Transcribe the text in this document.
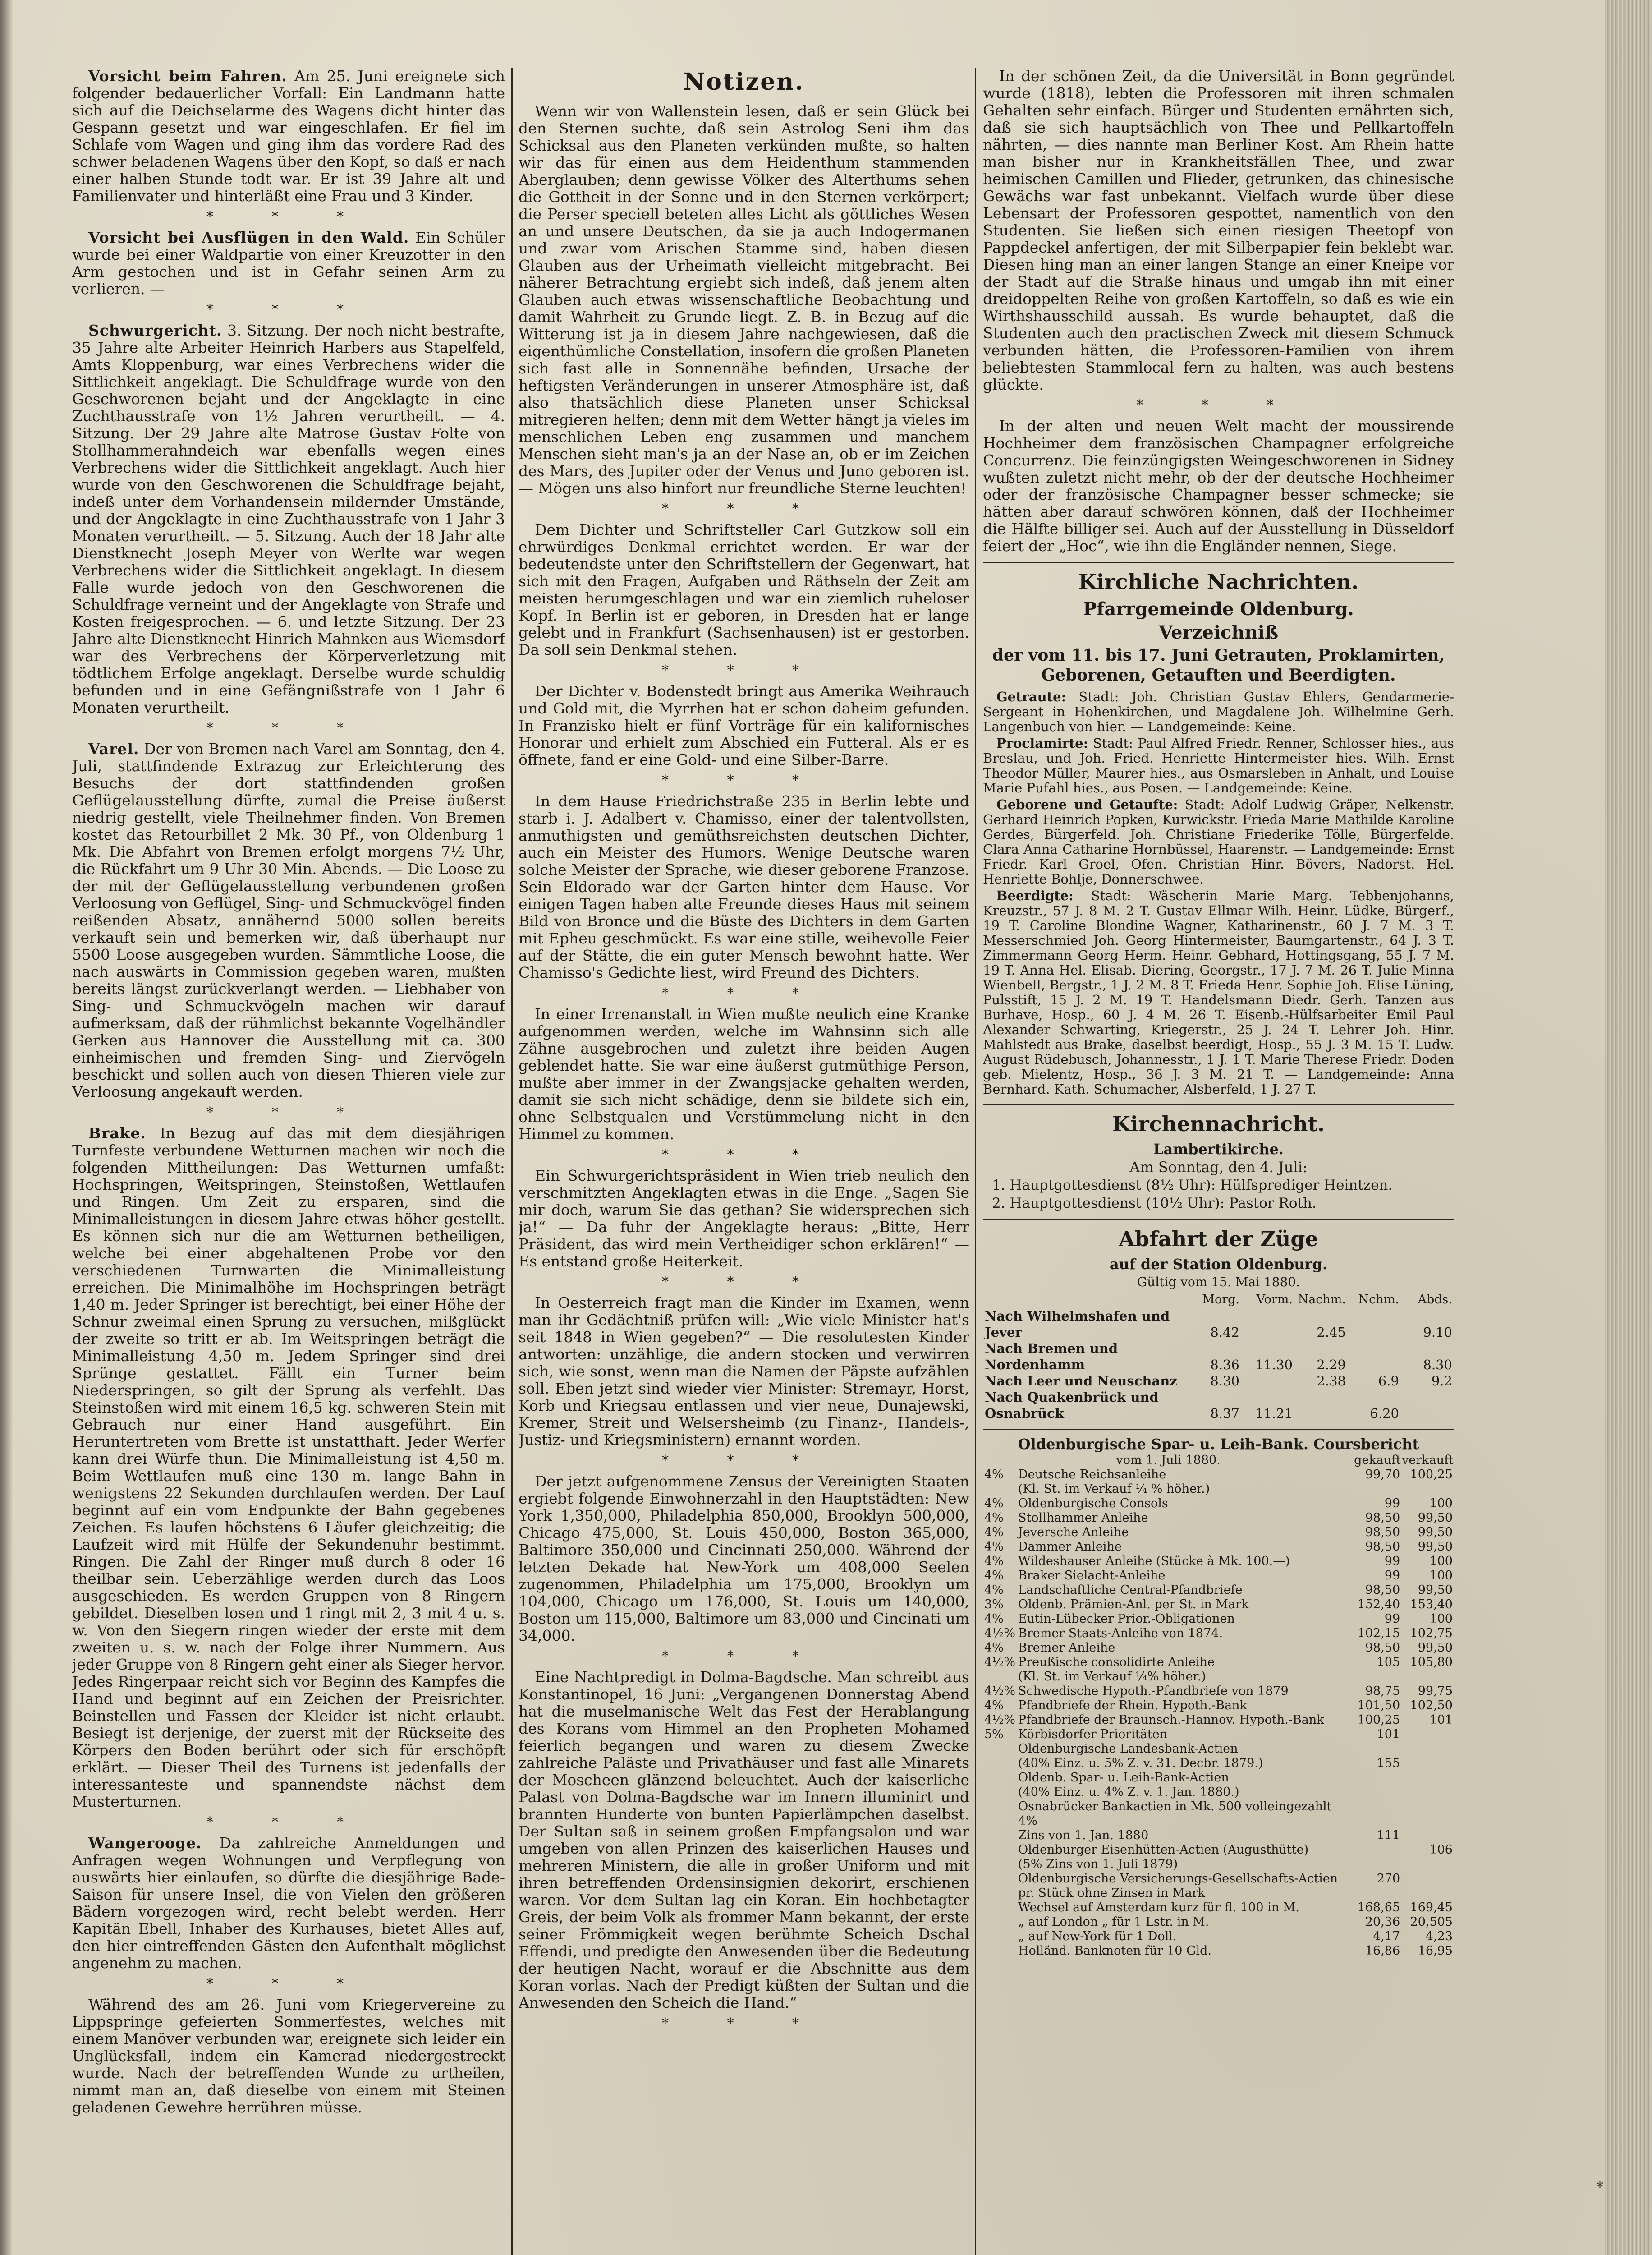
Vorsicht beim Fahren. Am 25. Juni ereignete sich folgender bedauerlicher Vorfall: Ein Landmann hatte sich auf die Deichselarme des Wagens dicht hinter das Gespann gesetzt und war eingeschlafen. Er fiel im Schlafe vom Wagen und ging ihm das vordere Rad des schwer beladenen Wagens über den Kopf, so daß er nach einer halben Stunde todt war. Er ist 39 Jahre alt und Familienvater und hinterläßt eine Frau und 3 Kinder.

* * *

Vorsicht bei Ausflügen in den Wald. Ein Schüler wurde bei einer Waldpartie von einer Kreuzotter in den Arm gestochen und ist in Gefahr seinen Arm zu verlieren. —

* * *

Schwurgericht. 3. Sitzung. Der noch nicht bestrafte, 35 Jahre alte Arbeiter Heinrich Harbers aus Stapelfeld, Amts Kloppenburg, war eines Verbrechens wider die Sittlichkeit angeklagt. Die Schuldfrage wurde von den Geschworenen bejaht und der Angeklagte in eine Zuchthausstrafe von 1½ Jahren verurtheilt. — 4. Sitzung. Der 29 Jahre alte Matrose Gustav Folte von Stollhammerahndeich war ebenfalls wegen eines Verbrechens wider die Sittlichkeit angeklagt. Auch hier wurde von den Geschworenen die Schuldfrage bejaht, indeß unter dem Vorhandensein mildernder Umstände, und der Angeklagte in eine Zuchthausstrafe von 1 Jahr 3 Monaten verurtheilt. — 5. Sitzung. Auch der 18 Jahr alte Dienstknecht Joseph Meyer von Werlte war wegen Verbrechens wider die Sittlichkeit angeklagt. In diesem Falle wurde jedoch von den Geschworenen die Schuldfrage verneint und der Angeklagte von Strafe und Kosten freigesprochen. — 6. und letzte Sitzung. Der 23 Jahre alte Dienstknecht Hinrich Mahnken aus Wiemsdorf war des Verbrechens der Körperverletzung mit tödtlichem Erfolge angeklagt. Derselbe wurde schuldig befunden und in eine Gefängnißstrafe von 1 Jahr 6 Monaten verurtheilt.

* * *

Varel. Der von Bremen nach Varel am Sonntag, den 4. Juli, stattfindende Extrazug zur Erleichterung des Besuchs der dort stattfindenden großen Geflügelausstellung dürfte, zumal die Preise äußerst niedrig gestellt, viele Theilnehmer finden. Von Bremen kostet das Retourbillet 2 Mk. 30 Pf., von Oldenburg 1 Mk. Die Abfahrt von Bremen erfolgt morgens 7½ Uhr, die Rückfahrt um 9 Uhr 30 Min. Abends. — Die Loose zu der mit der Geflügelausstellung verbundenen großen Verloosung von Geflügel, Sing- und Schmuckvögel finden reißenden Absatz, annähernd 5000 sollen bereits verkauft sein und bemerken wir, daß überhaupt nur 5500 Loose ausgegeben wurden. Sämmtliche Loose, die nach auswärts in Commission gegeben waren, mußten bereits längst zurückverlangt werden. — Liebhaber von Sing- und Schmuckvögeln machen wir darauf aufmerksam, daß der rühmlichst bekannte Vogelhändler Gerken aus Hannover die Ausstellung mit ca. 300 einheimischen und fremden Sing- und Ziervögeln beschickt und sollen auch von diesen Thieren viele zur Verloosung angekauft werden.

* * *

Brake. In Bezug auf das mit dem diesjährigen Turnfeste verbundene Wetturnen machen wir noch die folgenden Mittheilungen: Das Wetturnen umfaßt: Hochspringen, Weitspringen, Steinstoßen, Wettlaufen und Ringen. Um Zeit zu ersparen, sind die Minimalleistungen in diesem Jahre etwas höher gestellt. Es können sich nur die am Wetturnen betheiligen, welche bei einer abgehaltenen Probe vor den verschiedenen Turnwarten die Minimalleistung erreichen. Die Minimalhöhe im Hochspringen beträgt 1,40 m. Jeder Springer ist berechtigt, bei einer Höhe der Schnur zweimal einen Sprung zu versuchen, mißglückt der zweite so tritt er ab. Im Weitspringen beträgt die Minimalleistung 4,50 m. Jedem Springer sind drei Sprünge gestattet. Fällt ein Turner beim Niederspringen, so gilt der Sprung als verfehlt. Das Steinstoßen wird mit einem 16,5 kg. schweren Stein mit Gebrauch nur einer Hand ausgeführt. Ein Heruntertreten vom Brette ist unstatthaft. Jeder Werfer kann drei Würfe thun. Die Minimalleistung ist 4,50 m. Beim Wettlaufen muß eine 130 m. lange Bahn in wenigstens 22 Sekunden durchlaufen werden. Der Lauf beginnt auf ein vom Endpunkte der Bahn gegebenes Zeichen. Es laufen höchstens 6 Läufer gleichzeitig; die Laufzeit wird mit Hülfe der Sekundenuhr bestimmt. Ringen. Die Zahl der Ringer muß durch 8 oder 16 theilbar sein. Ueberzählige werden durch das Loos ausgeschieden. Es werden Gruppen von 8 Ringern gebildet. Dieselben losen und 1 ringt mit 2, 3 mit 4 u. s. w. Von den Siegern ringen wieder der erste mit dem zweiten u. s. w. nach der Folge ihrer Nummern. Aus jeder Gruppe von 8 Ringern geht einer als Sieger hervor. Jedes Ringerpaar reicht sich vor Beginn des Kampfes die Hand und beginnt auf ein Zeichen der Preisrichter. Beinstellen und Fassen der Kleider ist nicht erlaubt. Besiegt ist derjenige, der zuerst mit der Rückseite des Körpers den Boden berührt oder sich für erschöpft erklärt. — Dieser Theil des Turnens ist jedenfalls der interessanteste und spannendste nächst dem Musterturnen.

* * *

Wangerooge. Da zahlreiche Anmeldungen und Anfragen wegen Wohnungen und Verpflegung von auswärts hier einlaufen, so dürfte die diesjährige Bade-Saison für unsere Insel, die von Vielen den größeren Bädern vorgezogen wird, recht belebt werden. Herr Kapitän Ebell, Inhaber des Kurhauses, bietet Alles auf, den hier eintreffenden Gästen den Aufenthalt möglichst angenehm zu machen.

* * *

Während des am 26. Juni vom Kriegervereine zu Lippspringe gefeierten Sommerfestes, welches mit einem Manöver verbunden war, ereignete sich leider ein Unglücksfall, indem ein Kamerad niedergestreckt wurde. Nach der betreffenden Wunde zu urtheilen, nimmt man an, daß dieselbe von einem mit Steinen geladenen Gewehre herrühren müsse.

Notizen.

Wenn wir von Wallenstein lesen, daß er sein Glück bei den Sternen suchte, daß sein Astrolog Seni ihm das Schicksal aus den Planeten verkünden mußte, so halten wir das für einen aus dem Heidenthum stammenden Aberglauben; denn gewisse Völker des Alterthums sehen die Gottheit in der Sonne und in den Sternen verkörpert; die Perser speciell beteten alles Licht als göttliches Wesen an und unsere Deutschen, da sie ja auch Indogermanen und zwar vom Arischen Stamme sind, haben diesen Glauben aus der Urheimath vielleicht mitgebracht. Bei näherer Betrachtung ergiebt sich indeß, daß jenem alten Glauben auch etwas wissenschaftliche Beobachtung und damit Wahrheit zu Grunde liegt. Z. B. in Bezug auf die Witterung ist ja in diesem Jahre nachgewiesen, daß die eigenthümliche Constellation, insofern die großen Planeten sich fast alle in Sonnennähe befinden, Ursache der heftigsten Veränderungen in unserer Atmosphäre ist, daß also thatsächlich diese Planeten unser Schicksal mitregieren helfen; denn mit dem Wetter hängt ja vieles im menschlichen Leben eng zusammen und manchem Menschen sieht man's ja an der Nase an, ob er im Zeichen des Mars, des Jupiter oder der Venus und Juno geboren ist. — Mögen uns also hinfort nur freundliche Sterne leuchten!

* * *

Dem Dichter und Schriftsteller Carl Gutzkow soll ein ehrwürdiges Denkmal errichtet werden. Er war der bedeutendste unter den Schriftstellern der Gegenwart, hat sich mit den Fragen, Aufgaben und Räthseln der Zeit am meisten herumgeschlagen und war ein ziemlich ruheloser Kopf. In Berlin ist er geboren, in Dresden hat er lange gelebt und in Frankfurt (Sachsenhausen) ist er gestorben. Da soll sein Denkmal stehen.

* * *

Der Dichter v. Bodenstedt bringt aus Amerika Weihrauch und Gold mit, die Myrrhen hat er schon daheim gefunden. In Franzisko hielt er fünf Vorträge für ein kalifornisches Honorar und erhielt zum Abschied ein Futteral. Als er es öffnete, fand er eine Gold- und eine Silber-Barre.

* * *

In dem Hause Friedrichstraße 235 in Berlin lebte und starb i. J. Adalbert v. Chamisso, einer der talentvollsten, anmuthigsten und gemüthsreichsten deutschen Dichter, auch ein Meister des Humors. Wenige Deutsche waren solche Meister der Sprache, wie dieser geborene Franzose. Sein Eldorado war der Garten hinter dem Hause. Vor einigen Tagen haben alte Freunde dieses Haus mit seinem Bild von Bronce und die Büste des Dichters in dem Garten mit Epheu geschmückt. Es war eine stille, weihevolle Feier auf der Stätte, die ein guter Mensch bewohnt hatte. Wer Chamisso's Gedichte liest, wird Freund des Dichters.

* * *

In einer Irrenanstalt in Wien mußte neulich eine Kranke aufgenommen werden, welche im Wahnsinn sich alle Zähne ausgebrochen und zuletzt ihre beiden Augen geblendet hatte. Sie war eine äußerst gutmüthige Person, mußte aber immer in der Zwangsjacke gehalten werden, damit sie sich nicht schädige, denn sie bildete sich ein, ohne Selbstqualen und Verstümmelung nicht in den Himmel zu kommen.

* * *

Ein Schwurgerichtspräsident in Wien trieb neulich den verschmitzten Angeklagten etwas in die Enge. „Sagen Sie mir doch, warum Sie das gethan? Sie widersprechen sich ja!“ — Da fuhr der Angeklagte heraus: „Bitte, Herr Präsident, das wird mein Vertheidiger schon erklären!“ — Es entstand große Heiterkeit.

* * *

In Oesterreich fragt man die Kinder im Examen, wenn man ihr Gedächtniß prüfen will: „Wie viele Minister hat's seit 1848 in Wien gegeben?“ — Die resolutesten Kinder antworten: unzählige, die andern stocken und verwirren sich, wie sonst, wenn man die Namen der Päpste aufzählen soll. Eben jetzt sind wieder vier Minister: Stremayr, Horst, Korb und Kriegsau entlassen und vier neue, Dunajewski, Kremer, Streit und Welsersheimb (zu Finanz-, Handels-, Justiz- und Kriegsministern) ernannt worden.

* * *

Der jetzt aufgenommene Zensus der Vereinigten Staaten ergiebt folgende Einwohnerzahl in den Hauptstädten: New York 1,350,000, Philadelphia 850,000, Brooklyn 500,000, Chicago 475,000, St. Louis 450,000, Boston 365,000, Baltimore 350,000 und Cincinnati 250,000. Während der letzten Dekade hat New-York um 408,000 Seelen zugenommen, Philadelphia um 175,000, Brooklyn um 104,000, Chicago um 176,000, St. Louis um 140,000, Boston um 115,000, Baltimore um 83,000 und Cincinati um 34,000.

* * *

Eine Nachtpredigt in Dolma-Bagdsche. Man schreibt aus Konstantinopel, 16 Juni: „Vergangenen Donnerstag Abend hat die muselmanische Welt das Fest der Herablangung des Korans vom Himmel an den Propheten Mohamed feierlich begangen und waren zu diesem Zwecke zahlreiche Paläste und Privathäuser und fast alle Minarets der Moscheen glänzend beleuchtet. Auch der kaiserliche Palast von Dolma-Bagdsche war im Innern illuminirt und brannten Hunderte von bunten Papierlämpchen daselbst. Der Sultan saß in seinem großen Empfangsalon und war umgeben von allen Prinzen des kaiserlichen Hauses und mehreren Ministern, die alle in großer Uniform und mit ihren betreffenden Ordensinsignien dekorirt, erschienen waren. Vor dem Sultan lag ein Koran. Ein hochbetagter Greis, der beim Volk als frommer Mann bekannt, der erste seiner Frömmigkeit wegen berühmte Scheich Dschal Effendi, und predigte den Anwesenden über die Bedeutung der heutigen Nacht, worauf er die Abschnitte aus dem Koran vorlas. Nach der Predigt küßten der Sultan und die Anwesenden den Scheich die Hand.“

* * *

In der schönen Zeit, da die Universität in Bonn gegründet wurde (1818), lebten die Professoren mit ihren schmalen Gehalten sehr einfach. Bürger und Studenten ernährten sich, daß sie sich hauptsächlich von Thee und Pellkartoffeln nährten, — dies nannte man Berliner Kost. Am Rhein hatte man bisher nur in Krankheitsfällen Thee, und zwar heimischen Camillen und Flieder, getrunken, das chinesische Gewächs war fast unbekannt. Vielfach wurde über diese Lebensart der Professoren gespottet, namentlich von den Studenten. Sie ließen sich einen riesigen Theetopf von Pappdeckel anfertigen, der mit Silberpapier fein beklebt war. Diesen hing man an einer langen Stange an einer Kneipe vor der Stadt auf die Straße hinaus und umgab ihn mit einer dreidoppelten Reihe von großen Kartoffeln, so daß es wie ein Wirthshausschild aussah. Es wurde behauptet, daß die Studenten auch den practischen Zweck mit diesem Schmuck verbunden hätten, die Professoren-Familien von ihrem beliebtesten Stammlocal fern zu halten, was auch bestens glückte.

* * *

In der alten und neuen Welt macht der moussirende Hochheimer dem französischen Champagner erfolgreiche Concurrenz. Die feinzüngigsten Weingeschworenen in Sidney wußten zuletzt nicht mehr, ob der der deutsche Hochheimer oder der französische Champagner besser schmecke; sie hätten aber darauf schwören können, daß der Hochheimer die Hälfte billiger sei. Auch auf der Ausstellung in Düsseldorf feiert der „Hoc“, wie ihn die Engländer nennen, Siege.

Kirchliche Nachrichten.
Pfarrgemeinde Oldenburg.
Verzeichniß
der vom 11. bis 17. Juni Getrauten, Proklamirten, Geborenen, Getauften und Beerdigten.

Getraute: Stadt: Joh. Christian Gustav Ehlers, Gendarmerie-Sergeant in Hohenkirchen, und Magdalene Joh. Wilhelmine Gerh. Langenbuch von hier. — Landgemeinde: Keine.

Proclamirte: Stadt: Paul Alfred Friedr. Renner, Schlosser hies., aus Breslau, und Joh. Fried. Henriette Hintermeister hies. Wilh. Ernst Theodor Müller, Maurer hies., aus Osmarsleben in Anhalt, und Louise Marie Pufahl hies., aus Posen. — Landgemeinde: Keine.

Geborene und Getaufte: Stadt: Adolf Ludwig Gräper, Nelkenstr. Gerhard Heinrich Popken, Kurwickstr. Frieda Marie Mathilde Karoline Gerdes, Bürgerfeld. Joh. Christiane Friederike Tölle, Bürgerfelde. Clara Anna Catharine Hornbüssel, Haarenstr. — Landgemeinde: Ernst Friedr. Karl Groel, Ofen. Christian Hinr. Bövers, Nadorst. Hel. Henriette Bohlje, Donnerschwee.

Beerdigte: Stadt: Wäscherin Marie Marg. Tebbenjohanns, Kreuzstr., 57 J. 8 M. 2 T. Gustav Ellmar Wilh. Heinr. Lüdke, Bürgerf., 19 T. Caroline Blondine Wagner, Katharinenstr., 60 J. 7 M. 3 T. Messerschmied Joh. Georg Hintermeister, Baumgartenstr., 64 J. 3 T. Zimmermann Georg Herm. Heinr. Gebhard, Hottingsgang, 55 J. 7 M. 19 T. Anna Hel. Elisab. Diering, Georgstr., 17 J. 7 M. 26 T. Julie Minna Wienbell, Bergstr., 1 J. 2 M. 8 T. Frieda Henr. Sophie Joh. Elise Lüning, Pulsstift, 15 J. 2 M. 19 T. Handelsmann Diedr. Gerh. Tanzen aus Burhave, Hosp., 60 J. 4 M. 26 T. Eisenb.-Hülfsarbeiter Emil Paul Alexander Schwarting, Kriegerstr., 25 J. 24 T. Lehrer Joh. Hinr. Mahlstedt aus Brake, daselbst beerdigt, Hosp., 55 J. 3 M. 15 T. Ludw. August Rüdebusch, Johannesstr., 1 J. 1 T. Marie Therese Friedr. Doden geb. Mielentz, Hosp., 36 J. 3 M. 21 T. — Landgemeinde: Anna Bernhard. Kath. Schumacher, Alsberfeld, 1 J. 27 T.

Kirchennachricht.
Lambertikirche.
Am Sonntag, den 4. Juli:
1. Hauptgottesdienst (8½ Uhr): Hülfsprediger Heintzen.
2. Hauptgottesdienst (10½ Uhr): Pastor Roth.
Abfahrt der Züge
auf der Station Oldenburg.
Gültig vom 15. Mai 1880.
	Morg.	Vorm.	Nachm.	Nchm.	Abds.
Nach Wilhelmshafen und Jever	8.42		2.45		9.10
Nach Bremen und Nordenhamm	8.36	11.30	2.29		8.30
Nach Leer und Neuschanz	8.30		2.38	6.9	9.2
Nach Quakenbrück und Osnabrück	8.37	11.21		6.20	
Oldenburgische Spar- u. Leih-Bank. Coursbericht
vom 1. Juli 1880.		gekauft	verkauft
4%	Deutsche Reichsanleihe	99,70	100,25
	(Kl. St. im Verkauf ¼ % höher.)		
4%	Oldenburgische Consols	99	100
4%	Stollhammer Anleihe	98,50	99,50
4%	Jeversche Anleihe	98,50	99,50
4%	Dammer Anleihe	98,50	99,50
4%	Wildeshauser Anleihe (Stücke à Mk. 100.—)	99	100
4%	Braker Sielacht-Anleihe	99	100
4%	Landschaftliche Central-Pfandbriefe	98,50	99,50
3%	Oldenb. Prämien-Anl. per St. in Mark	152,40	153,40
4%	Eutin-Lübecker Prior.-Obligationen	99	100
4½%	Bremer Staats-Anleihe von 1874.	102,15	102,75
4%	Bremer Anleihe	98,50	99,50
4½%	Preußische consolidirte Anleihe	105	105,80
	(Kl. St. im Verkauf ¼% höher.)		
4½%	Schwedische Hypoth.-Pfandbriefe von 1879	98,75	99,75
4%	Pfandbriefe der Rhein. Hypoth.-Bank	101,50	102,50
4½%	Pfandbriefe der Braunsch.-Hannov. Hypoth.-Bank	100,25	101
5%	Körbisdorfer Prioritäten	101	
	Oldenburgische Landesbank-Actien		
	(40% Einz. u. 5% Z. v. 31. Decbr. 1879.)	155	
	Oldenb. Spar- u. Leih-Bank-Actien		
	(40% Einz. u. 4% Z. v. 1. Jan. 1880.)		
	Osnabrücker Bankactien in Mk. 500 volleingezahlt 4%		
	Zins von 1. Jan. 1880	111	
	Oldenburger Eisenhütten-Actien (Augusthütte)		106
	(5% Zins von 1. Juli 1879)		
	Oldenburgische Versicherungs-Gesellschafts-Actien pr. Stück ohne Zinsen in Mark	270	
	Wechsel auf Amsterdam kurz für fl. 100 in M.	168,65	169,45
	„ auf London „ für 1 Lstr. in M.	20,36	20,505
	„ auf New-York für 1 Doll.	4,17	4,23
	Holländ. Banknoten für 10 Gld.	16,86	16,95
*
